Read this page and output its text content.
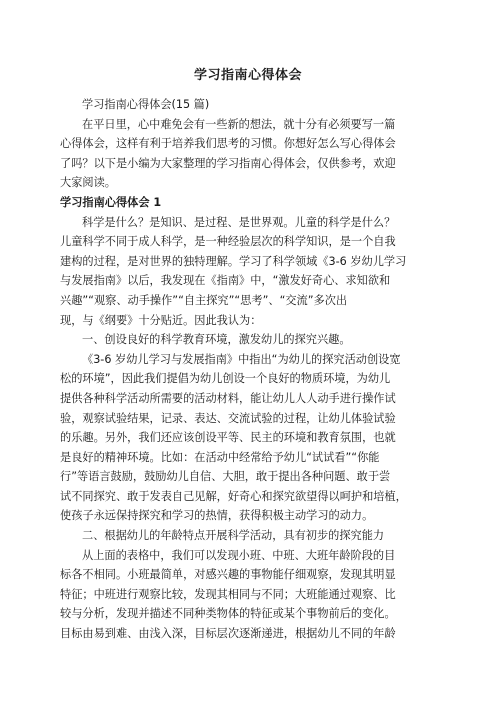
学习指南心得体会
学习指南心得体会(15 篇)
在平日里，心中难免会有一些新的想法，就十分有必须要写一篇
心得体会，这样有利于培养我们思考的习惯。你想好怎么写心得体会
了吗？以下是小编为大家整理的学习指南心得体会，仅供参考，欢迎
大家阅读。
学习指南心得体会 1
科学是什么？是知识、是过程、是世界观。儿童的科学是什么？
儿童科学不同于成人科学，是一种经验层次的科学知识，是一个自我
建构的过程，是对世界的独特理解。学习了科学领域《3-6 岁幼儿学习
与发展指南》以后，我发现在《指南》中，“激发好奇心、求知欲和
兴趣”“观察、动手操作”“自主探究”“思考”、“交流”多次出
现，与《纲要》十分贴近。因此我认为：
一、创设良好的科学教育环境，激发幼儿的探究兴趣。
《3-6 岁幼儿学习与发展指南》中指出“为幼儿的探究活动创设宽
松的环境”，因此我们提倡为幼儿创设一个良好的物质环境，为幼儿
提供各种科学活动所需要的活动材料，能让幼儿人人动手进行操作试
验，观察试验结果，记录、表达、交流试验的过程，让幼儿体验试验
的乐趣。另外，我们还应该创设平等、民主的环境和教育氛围，也就
是良好的精神环境。比如：在活动中经常给予幼儿“试试看”“你能
行”等语言鼓励，鼓励幼儿自信、大胆，敢于提出各种问题、敢于尝
试不同探究、敢于发表自己见解，好奇心和探究欲望得以呵护和培植，
使孩子永远保持探究和学习的热情，获得积极主动学习的动力。
二、根据幼儿的年龄特点开展科学活动，具有初步的探究能力
从上面的表格中，我们可以发现小班、中班、大班年龄阶段的目
标各不相同。小班最简单，对感兴趣的事物能仔细观察，发现其明显
特征；中班进行观察比较，发现其相同与不同；大班能通过观察、比
较与分析，发现并描述不同种类物体的特征或某个事物前后的变化。
目标由易到难、由浅入深，目标层次逐渐递进，根据幼儿不同的年龄
